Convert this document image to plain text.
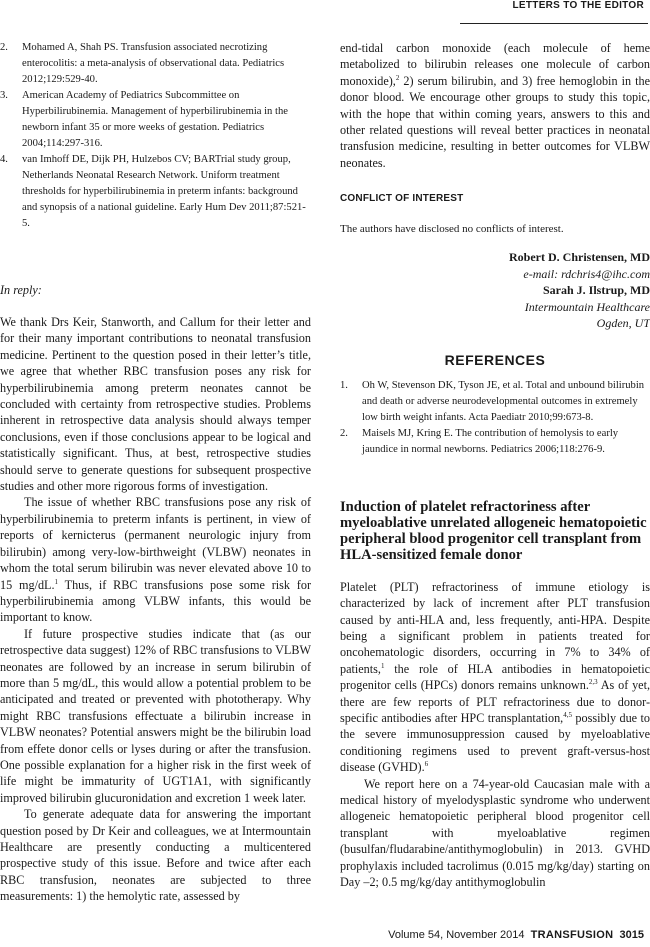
LETTERS TO THE EDITOR
2. Mohamed A, Shah PS. Transfusion associated necrotizing enterocolitis: a meta-analysis of observational data. Pediatrics 2012;129:529-40.
3. American Academy of Pediatrics Subcommittee on Hyperbilirubinemia. Management of hyperbilirubinemia in the newborn infant 35 or more weeks of gestation. Pediatrics 2004;114:297-316.
4. van Imhoff DE, Dijk PH, Hulzebos CV; BARTrial study group, Netherlands Neonatal Research Network. Uniform treatment thresholds for hyperbilirubinemia in preterm infants: background and synopsis of a national guideline. Early Hum Dev 2011;87:521-5.

In reply:

We thank Drs Keir, Stanworth, and Callum for their letter and for their many important contributions to neonatal transfusion medicine. Pertinent to the question posed in their letter’s title, we agree that whether RBC transfusion poses any risk for hyperbilirubinemia among preterm neonates cannot be concluded with certainty from retrospective studies. Problems inherent in retrospective data analysis should always temper conclusions, even if those conclusions appear to be logical and statistically significant. Thus, at best, retrospective studies should serve to generate questions for subsequent prospective studies and other more rigorous forms of investigation.

The issue of whether RBC transfusions pose any risk of hyperbilirubinemia to preterm infants is pertinent, in view of reports of kernicterus (permanent neurologic injury from bilirubin) among very-low-birthweight (VLBW) neonates in whom the total serum bilirubin was never elevated above 10 to 15 mg/dL.$^1$ Thus, if RBC transfusions pose some risk for hyperbilirubinemia among VLBW infants, this would be important to know.

If future prospective studies indicate that (as our retrospective data suggest) 12% of RBC transfusions to VLBW neonates are followed by an increase in serum bilirubin of more than 5 mg/dL, this would allow a potential problem to be anticipated and treated or prevented with phototherapy. Why might RBC transfusions effectuate a bilirubin increase in VLBW neonates? Potential answers might be the bilirubin load from effete donor cells or lyses during or after the transfusion. One possible explanation for a higher risk in the first week of life might be immaturity of UGT1A1, with significantly improved bilirubin glucuronidation and excretion 1 week later.

To generate adequate data for answering the important question posed by Dr Keir and colleagues, we at Intermountain Healthcare are presently conducting a multicentered prospective study of this issue. Before and twice after each RBC transfusion, neonates are subjected to three measurements: 1) the hemolytic rate, assessed by

end-tidal carbon monoxide (each molecule of heme metabolized to bilirubin releases one molecule of carbon monoxide),$^2$ 2) serum bilirubin, and 3) free hemoglobin in the donor blood. We encourage other groups to study this topic, with the hope that within coming years, answers to this and other related questions will reveal better practices in neonatal transfusion medicine, resulting in better outcomes for VLBW neonates.

CONFLICT OF INTEREST

The authors have disclosed no conflicts of interest.

Robert D. Christensen, MD
e-mail: rdchris4@ihc.com
Sarah J. Ilstrup, MD
Intermountain Healthcare
Ogden, UT

REFERENCES

1. Oh W, Stevenson DK, Tyson JE, et al. Total and unbound bilirubin and death or adverse neurodevelopmental outcomes in extremely low birth weight infants. Acta Paediatr 2010;99:673-8.
2. Maisels MJ, Kring E. The contribution of hemolysis to early jaundice in normal newborns. Pediatrics 2006;118:276-9.

Induction of platelet refractoriness after myeloablative unrelated allogeneic hematopoietic peripheral blood progenitor cell transplant from HLA-sensitized female donor

Platelet (PLT) refractoriness of immune etiology is characterized by lack of increment after PLT transfusion caused by anti-HLA and, less frequently, anti-HPA. Despite being a significant problem in patients treated for oncohematologic disorders, occurring in 7% to 34% of patients,$^1$ the role of HLA antibodies in hematopoietic progenitor cells (HPCs) donors remains unknown.$^{2,3}$ As of yet, there are few reports of PLT refractoriness due to donor-specific antibodies after HPC transplantation,$^{4,5}$ possibly due to the severe immunosuppression caused by myeloablative conditioning regimens used to prevent graft-versus-host disease (GVHD).$^6$

We report here on a 74-year-old Caucasian male with a medical history of myelodysplastic syndrome who underwent allogeneic hematopoietic peripheral blood progenitor cell transplant with myeloablative regimen (busulfan/fludarabine/antithymoglobulin) in 2013. GVHD prophylaxis included tacrolimus (0.015 mg/kg/day) starting on Day –2; 0.5 mg/kg/day antithymoglobulin

Volume 54, November 2014 TRANSFUSION 3015
